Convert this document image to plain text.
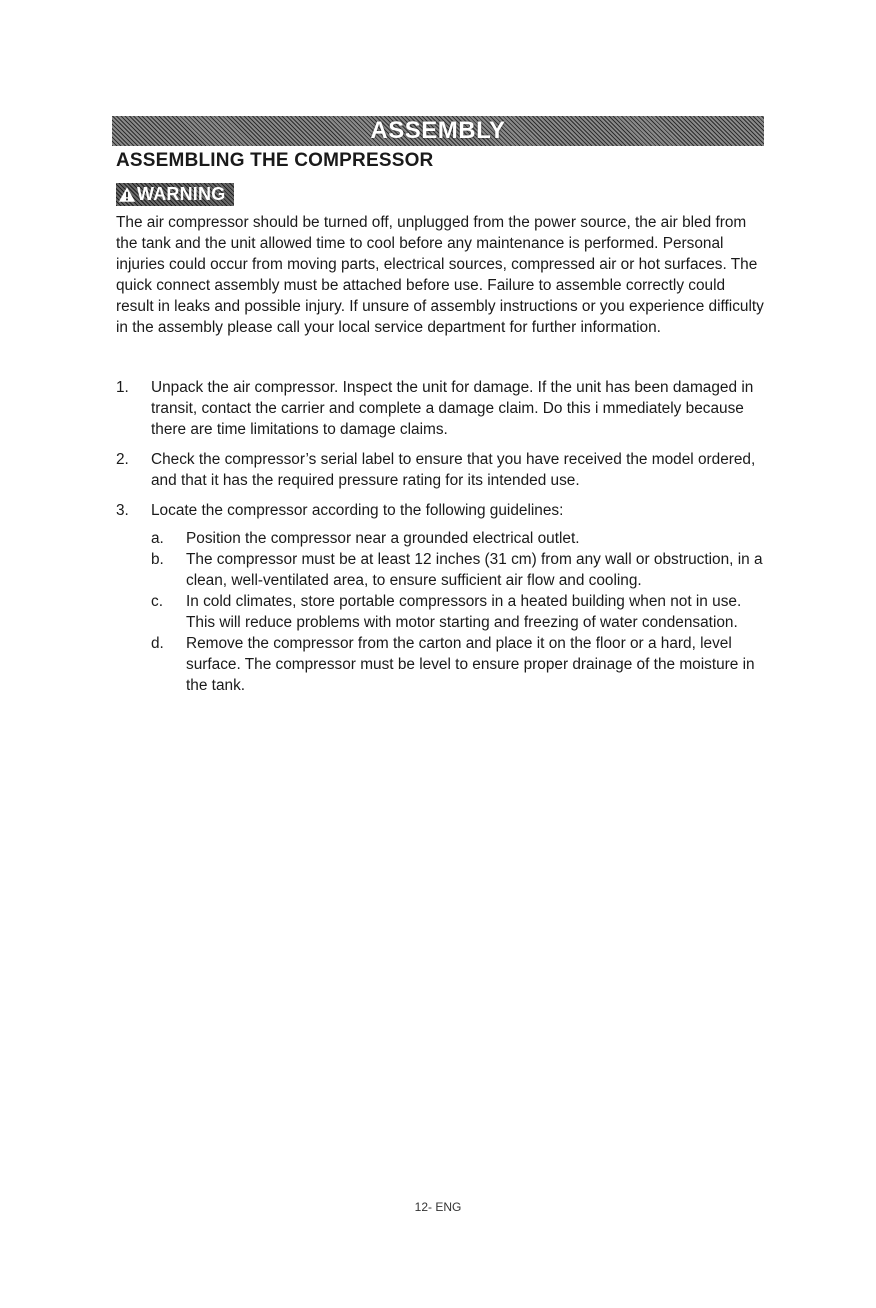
ASSEMBLY
ASSEMBLING THE COMPRESSOR
WARNING

The air compressor should be turned off, unplugged from the power source, the air bled from the tank and the unit allowed time to cool before any maintenance is performed. Personal injuries could occur from moving parts, electrical sources, compressed air or hot surfaces. The quick connect assembly must be attached before use. Failure to assemble correctly could result in leaks and possible injury. If unsure of assembly instructions or you experience difficulty in the assembly please call your local service department for further information.

1. Unpack the air compressor. Inspect the unit for damage. If the unit has been damaged in transit, contact the carrier and complete a damage claim. Do this i mmediately because there are time limitations to damage claims.
2. Check the compressor’s serial label to ensure that you have received the model ordered, and that it has the required pressure rating for its intended use.
3. Locate the compressor according to the following guidelines:
a. Position the compressor near a grounded electrical outlet.
b. The compressor must be at least 12 inches (31 cm) from any wall or obstruction, in a clean, well-ventilated area, to ensure sufficient air flow and cooling.
c. In cold climates, store portable compressors in a heated building when not in use. This will reduce problems with motor starting and freezing of water condensation.
d. Remove the compressor from the carton and place it on the floor or a hard, level surface. The compressor must be level to ensure proper drainage of the moisture in the tank.
12- ENG
